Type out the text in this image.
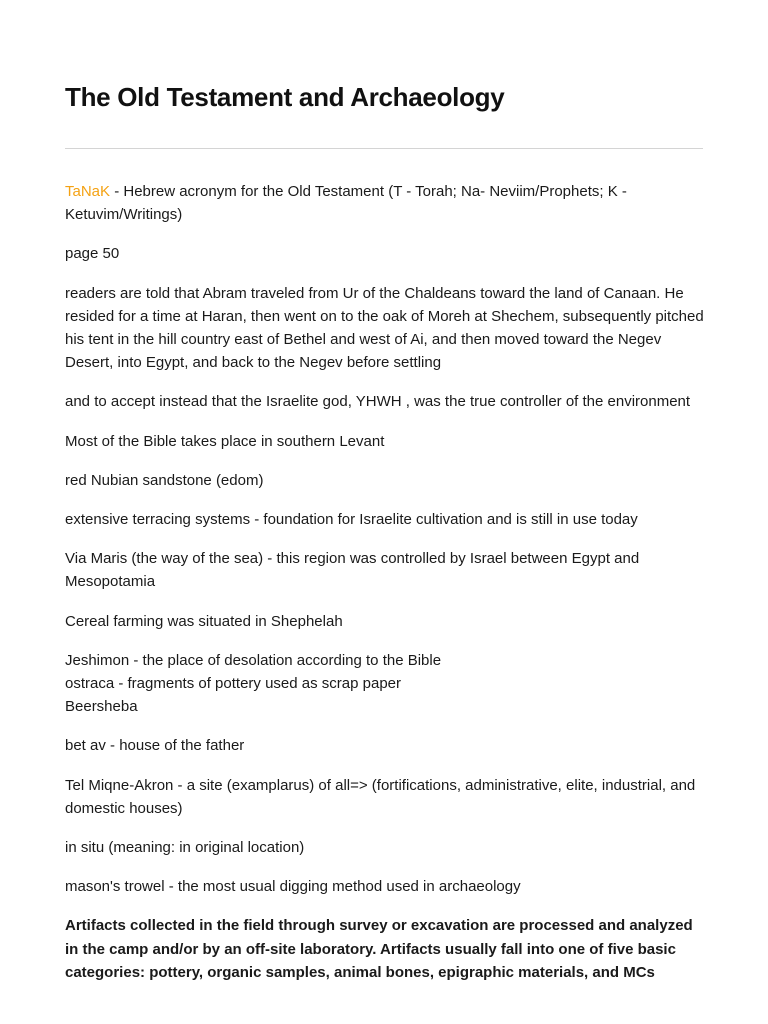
The Old Testament and Archaeology

TaNaK - Hebrew acronym for the Old Testament (T - Torah; Na- Neviim/Prophets; K - Ketuvim/Writings)

page 50

readers are told that Abram traveled from Ur of the Chaldeans toward the land of Canaan. He resided for a time at Haran, then went on to the oak of Moreh at Shechem, subsequently pitched his tent in the hill country east of Bethel and west of Ai, and then moved toward the Negev Desert, into Egypt, and back to the Negev before settling

and to accept instead that the Israelite god, YHWH , was the true controller of the environment

Most of the Bible takes place in southern Levant

red Nubian sandstone (edom)

extensive terracing systems - foundation for Israelite cultivation and is still in use today

Via Maris (the way of the sea) - this region was controlled by Israel between Egypt and Mesopotamia

Cereal farming was situated in Shephelah

Jeshimon - the place of desolation according to the Bible
ostraca - fragments of pottery used as scrap paper
Beersheba

bet av - house of the father

Tel Miqne-Akron - a site (examplarus) of all=> (fortifications, administrative, elite, industrial, and domestic houses)

in situ (meaning: in original location)

mason's trowel - the most usual digging method used in archaeology

Artifacts collected in the field through survey or excavation are processed and analyzed in the camp and/or by an off-site laboratory. Artifacts usually fall into one of five basic categories: pottery, organic samples, animal bones, epigraphic materials, and MCs
